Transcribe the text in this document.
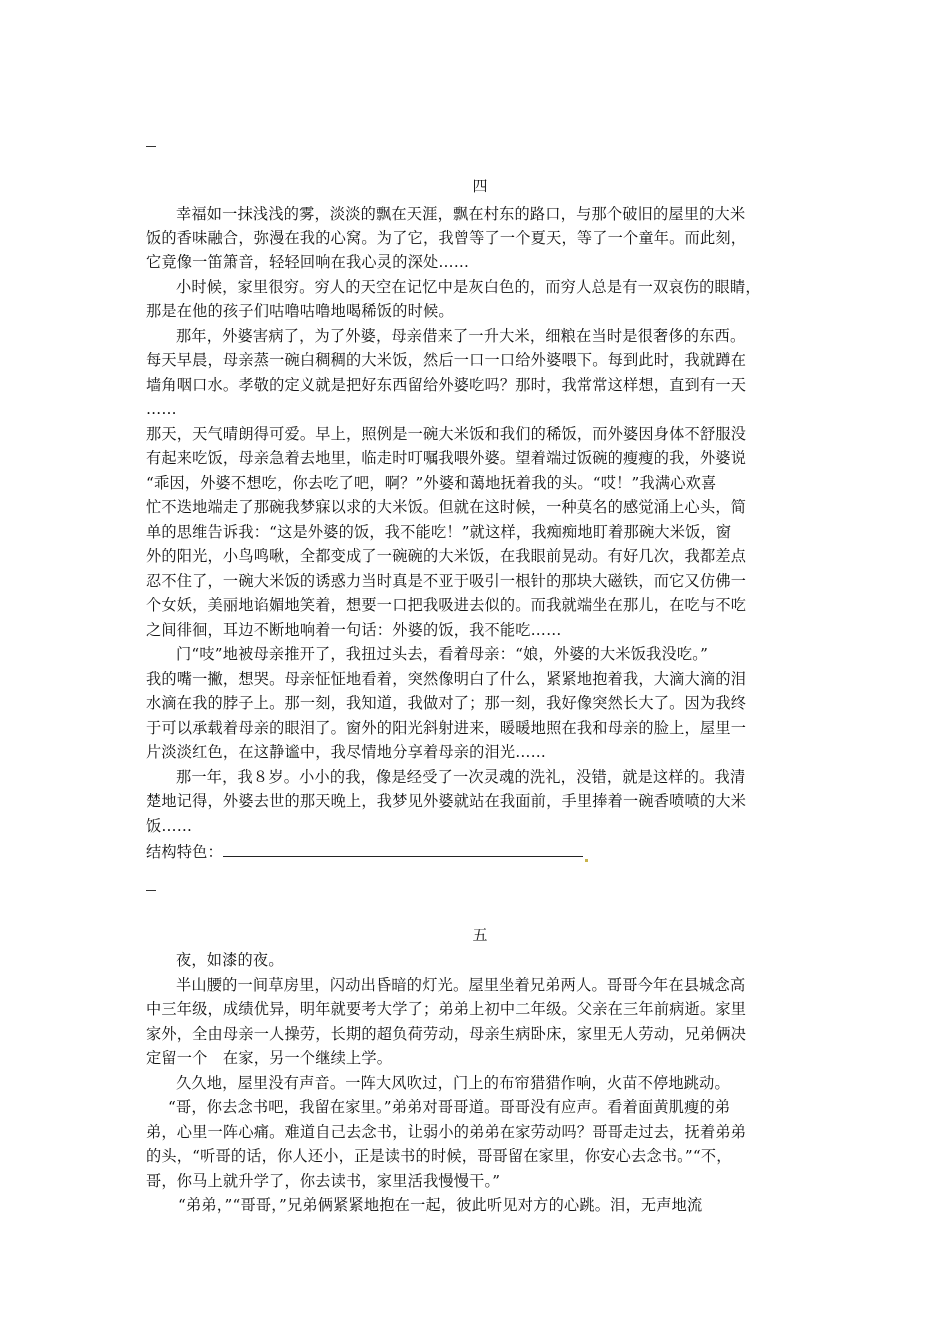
四
幸福如一抹浅浅的雾，淡淡的飘在天涯，飘在村东的路口，与那个破旧的屋里的大米
饭的香味融合，弥漫在我的心窝。为了它，我曾等了一个夏天，等了一个童年。而此刻，
它竟像一笛箫音，轻轻回响在我心灵的深处……
小时候，家里很穷。穷人的天空在记忆中是灰白色的，而穷人总是有一双哀伤的眼睛，
那是在他的孩子们咕噜咕噜地喝稀饭的时候。
那年，外婆害病了，为了外婆，母亲借来了一升大米，细粮在当时是很奢侈的东西。
每天早晨，母亲蒸一碗白稠稠的大米饭，然后一口一口给外婆喂下。每到此时，我就蹲在
墙角咽口水。孝敬的定义就是把好东西留给外婆吃吗？那时，我常常这样想，直到有一天
……
那天，天气晴朗得可爱。早上，照例是一碗大米饭和我们的稀饭，而外婆因身体不舒服没
有起来吃饭，母亲急着去地里，临走时叮嘱我喂外婆。望着端过饭碗的瘦瘦的我，外婆说
“乖因，外婆不想吃，你去吃了吧，啊？”外婆和蔼地抚着我的头。“哎！”我满心欢喜
忙不迭地端走了那碗我梦寐以求的大米饭。但就在这时候，一种莫名的感觉涌上心头，简
单的思维告诉我：“这是外婆的饭，我不能吃！”就这样，我痴痴地盯着那碗大米饭，窗
外的阳光，小鸟鸣啾，全都变成了一碗碗的大米饭，在我眼前晃动。有好几次，我都差点
忍不住了，一碗大米饭的诱惑力当时真是不亚于吸引一根针的那块大磁铁，而它又仿佛一
个女妖，美丽地谄媚地笑着，想要一口把我吸进去似的。而我就端坐在那儿，在吃与不吃
之间徘徊，耳边不断地响着一句话：外婆的饭，我不能吃……
门“吱”地被母亲推开了，我扭过头去，看着母亲：“娘，外婆的大米饭我没吃。”
我的嘴一撇，想哭。母亲怔怔地看着，突然像明白了什么，紧紧地抱着我，大滴大滴的泪
水滴在我的脖子上。那一刻，我知道，我做对了；那一刻，我好像突然长大了。因为我终
于可以承载着母亲的眼泪了。窗外的阳光斜射进来，暖暖地照在我和母亲的脸上，屋里一
片淡淡红色，在这静谧中，我尽情地分享着母亲的泪光……
那一年，我８岁。小小的我，像是经受了一次灵魂的洗礼，没错，就是这样的。我清
楚地记得，外婆去世的那天晚上，我梦见外婆就站在我面前，手里捧着一碗香喷喷的大米
饭……
结构特色：
五
夜，如漆的夜。
半山腰的一间草房里，闪动出昏暗的灯光。屋里坐着兄弟两人。哥哥今年在县城念高
中三年级，成绩优异，明年就要考大学了；弟弟上初中二年级。父亲在三年前病逝。家里
家外，全由母亲一人操劳，长期的超负荷劳动，母亲生病卧床，家里无人劳动，兄弟俩决
定留一个　在家，另一个继续上学。
久久地，屋里没有声音。一阵大风吹过，门上的布帘猎猎作响，火苗不停地跳动。
“哥，你去念书吧，我留在家里。”弟弟对哥哥道。哥哥没有应声。看着面黄肌瘦的弟
弟，心里一阵心痛。难道自己去念书，让弱小的弟弟在家劳动吗？哥哥走过去，抚着弟弟
的头，“听哥的话，你人还小，正是读书的时候，哥哥留在家里，你安心去念书。”“不，
哥，你马上就升学了，你去读书，家里活我慢慢干。”
“弟弟，”“哥哥，”兄弟俩紧紧地抱在一起，彼此听见对方的心跳。泪，无声地流
